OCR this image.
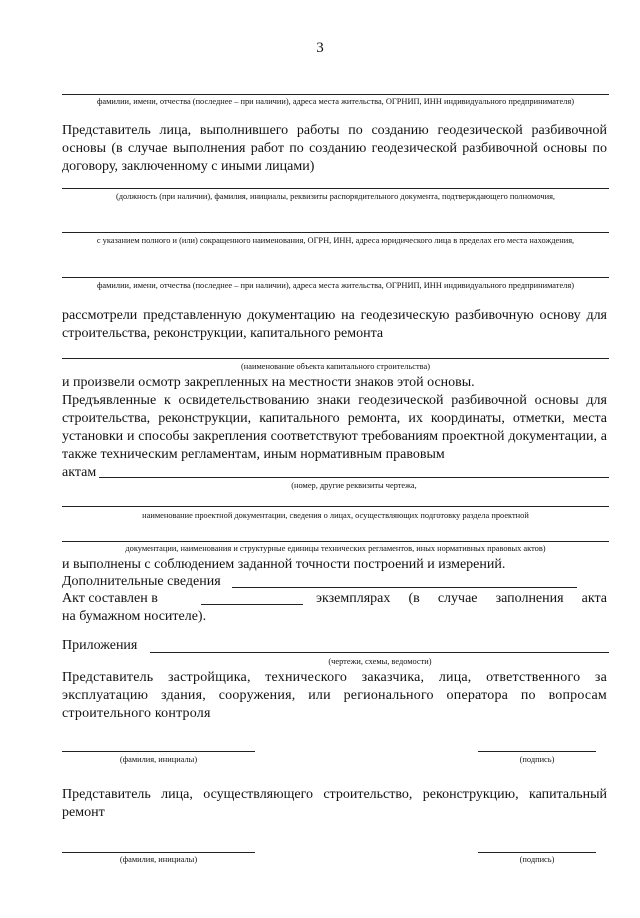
3
фамилии, имени, отчества (последнее – при наличии), адреса места жительства, ОГРНИП, ИНН индивидуального предпринимателя)
Представитель лица, выполнившего работы по созданию геодезической разбивочной основы (в случае выполнения работ по созданию геодезической разбивочной основы по договору, заключенному с иными лицами)
(должность (при наличии), фамилия, инициалы, реквизиты распорядительного документа, подтверждающего полномочия,
с указанием полного и (или) сокращенного наименования, ОГРН, ИНН, адреса юридического лица в пределах его места нахождения,
фамилии, имени, отчества (последнее – при наличии), адреса места жительства, ОГРНИП, ИНН индивидуального предпринимателя)
рассмотрели представленную документацию на геодезическую разбивочную основу для строительства, реконструкции, капитального ремонта
(наименование объекта капитального строительства)
и произвели осмотр закрепленных на местности знаков этой основы.
Предъявленные к освидетельствованию знаки геодезической разбивочной основы для строительства, реконструкции, капитального ремонта, их координаты, отметки, места установки и способы закрепления соответствуют требованиям проектной документации, а также техническим регламентам, иным нормативным правовым
актам
(номер, другие реквизиты чертежа,
наименование проектной документации, сведения о лицах, осуществляющих подготовку раздела проектной
документации, наименования и структурные единицы технических регламентов, иных нормативных правовых актов)
и выполнены с соблюдением заданной точности построений и измерений.
Дополнительные сведения
Акт составлен в	экземплярах (в случае заполнения акта
на бумажном носителе).
Приложения
(чертежи, схемы, ведомости)
Представитель застройщика, технического заказчика, лица, ответственного за эксплуатацию здания, сооружения, или регионального оператора по вопросам строительного контроля
(фамилия, инициалы)	(подпись)
Представитель лица, осуществляющего строительство, реконструкцию, капитальный ремонт
(фамилия, инициалы)	(подпись)
